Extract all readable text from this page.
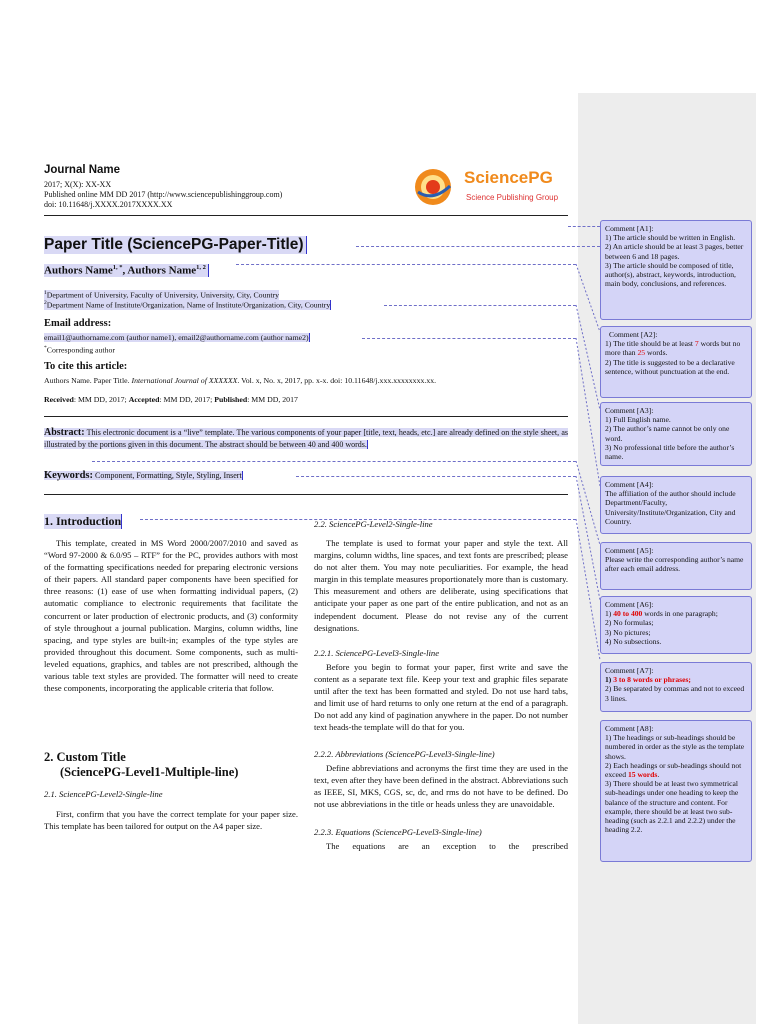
Journal Name
2017; X(X): XX-XX
Published online MM DD 2017 (http://www.sciencepublishinggroup.com)
doi: 10.11648/j.XXXX.2017XXXX.XX
SciencePG
Science Publishing Group
Paper Title (SciencePG-Paper-Title)
Authors Name$^{1, *}$, Authors Name$^{1, 2}$
$^1$Department of University, Faculty of University, University, City, Country
$^2$Department Name of Institute/Organization, Name of Institute/Organization, City, Country
Email address:
email1@authorname.com (author name1), email2@authorname.com (author name2)
*Corresponding author
To cite this article:
Authors Name. Paper Title. International Journal of XXXXXX. Vol. x, No. x, 2017, pp. x-x. doi: 10.11648/j.xxx.xxxxxxxx.xx.
Received: MM DD, 2017; Accepted: MM DD, 2017; Published: MM DD, 2017
Abstract: This electronic document is a “live” template. The various components of your paper [title, text, heads, etc.] are already defined on the style sheet, as illustrated by the portions given in this document. The abstract should be between 40 and 400 words.
Keywords: Component, Formatting, Style, Styling, Insert
1. Introduction
This template, created in MS Word 2000/2007/2010 and saved as “Word 97-2000 & 6.0/95 – RTF” for the PC, provides authors with most of the formatting specifications needed for preparing electronic versions of their papers. All standard paper components have been specified for three reasons: (1) ease of use when formatting individual papers, (2) automatic compliance to electronic requirements that facilitate the concurrent or later production of electronic products, and (3) conformity of style throughout a journal publication. Margins, column widths, line spacing, and type styles are built-in; examples of the type styles are provided throughout this document. Some components, such as multi-leveled equations, graphics, and tables are not prescribed, although the various table text styles are provided. The formatter will need to create these components, incorporating the applicable criteria that follow.
2. Custom Title
(SciencePG-Level1-Multiple-line)
2.1. SciencePG-Level2-Single-line
First, confirm that you have the correct template for your paper size. This template has been tailored for output on the A4 paper size.
2.2. SciencePG-Level2-Single-line
The template is used to format your paper and style the text. All margins, column widths, line spaces, and text fonts are prescribed; please do not alter them. You may note peculiarities. For example, the head margin in this template measures proportionately more than is customary. This measurement and others are deliberate, using specifications that anticipate your paper as one part of the entire publication, and not as an independent document. Please do not revise any of the current designations.
2.2.1. SciencePG-Level3-Single-line
Before you begin to format your paper, first write and save the content as a separate text file. Keep your text and graphic files separate until after the text has been formatted and styled. Do not use hard tabs, and limit use of hard returns to only one return at the end of a paragraph. Do not add any kind of pagination anywhere in the paper. Do not number text heads-the template will do that for you.
2.2.2. Abbreviations (SciencePG-Level3-Single-line)
Define abbreviations and acronyms the first time they are used in the text, even after they have been defined in the abstract. Abbreviations such as IEEE, SI, MKS, CGS, sc, dc, and rms do not have to be defined. Do not use abbreviations in the title or heads unless they are unavoidable.
2.2.3. Equations (SciencePG-Level3-Single-line)
The equations are an exception to the prescribed
Comment [A1]:
1) The article should be written in English.
2) An article should be at least 3 pages, better between 6 and 18 pages.
3) The article should be composed of title, author(s), abstract, keywords, introduction, main body, conclusions, and references.
Comment [A2]:
1) The title should be at least 7 words but no more than 25 words.
2) The title is suggested to be a declarative sentence, without punctuation at the end.
Comment [A3]:
1) Full English name.
2) The author’s name cannot be only one word.
3) No professional title before the author’s name.
Comment [A4]:
The affiliation of the author should include Department/Faculty, University/Institute/Organization, City and Country.
Comment [A5]:
Please write the corresponding author’s name after each email address.
Comment [A6]:
1) 40 to 400 words in one paragraph;
2) No formulas;
3) No pictures;
4) No subsections.
Comment [A7]:
1) 3 to 8 words or phrases;
2) Be separated by commas and not to exceed 3 lines.
Comment [A8]:
1) The headings or sub-headings should be numbered in order as the style as the template shows.
2) Each headings or sub-headings should not exceed 15 words.
3) There should be at least two symmetrical sub-headings under one heading to keep the balance of the structure and content. For example, there should be at least two sub-heading (such as 2.2.1 and 2.2.2) under the heading 2.2.
